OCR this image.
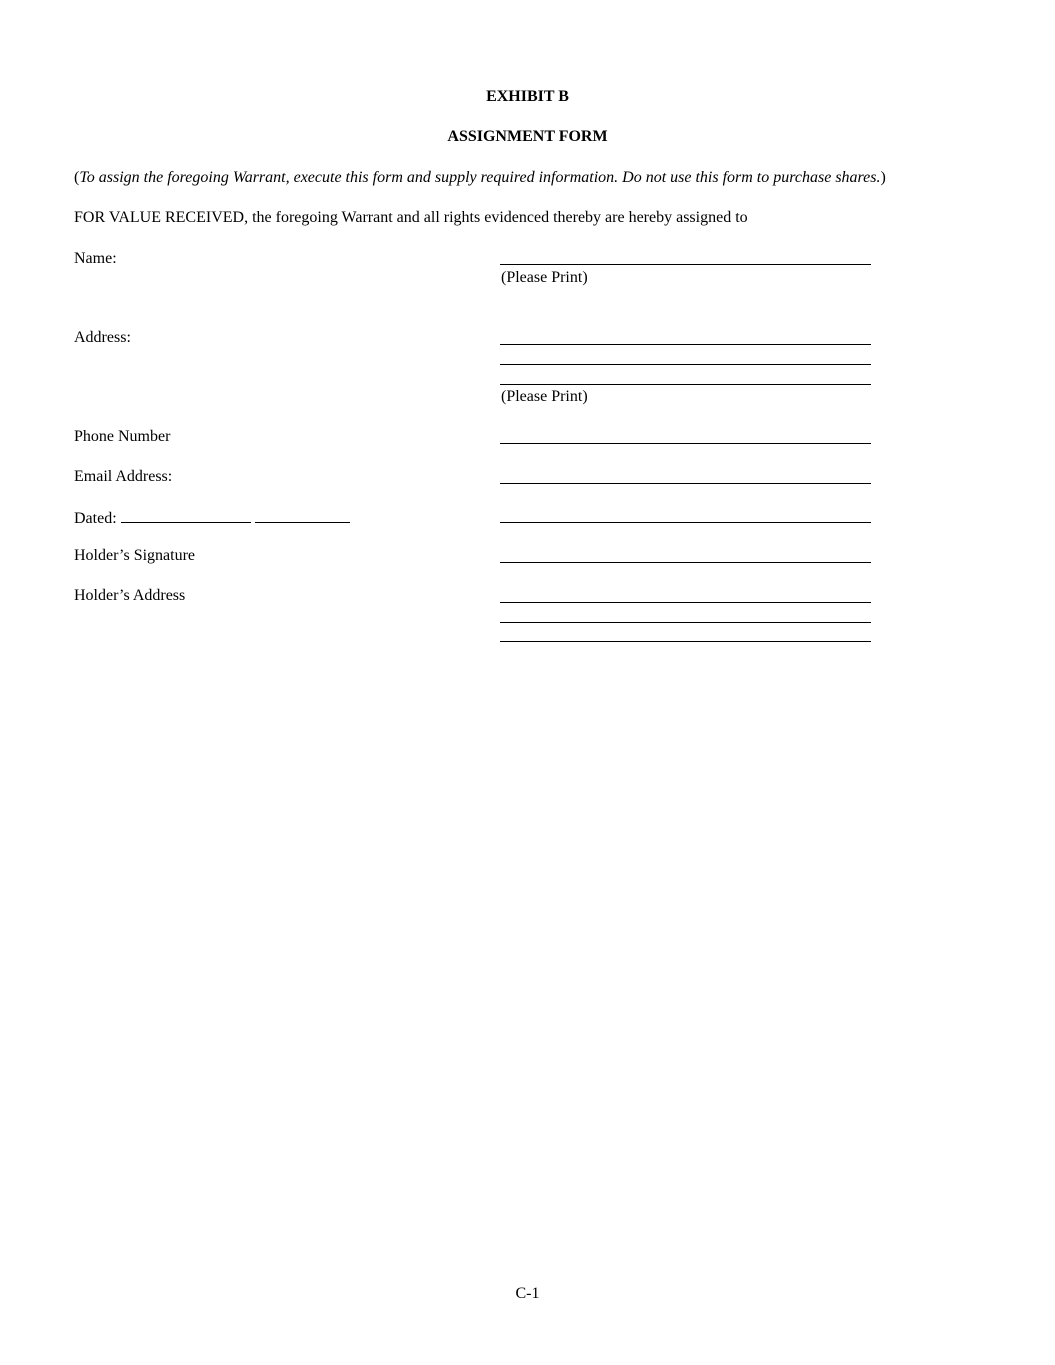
EXHIBIT B
ASSIGNMENT FORM
(To assign the foregoing Warrant, execute this form and supply required information. Do not use this form to purchase shares.)
FOR VALUE RECEIVED, the foregoing Warrant and all rights evidenced thereby are hereby assigned to
Name:
(Please Print)
Address:
(Please Print)
Phone Number
Email Address:
Dated:
Holder’s Signature
Holder’s Address
C-1
